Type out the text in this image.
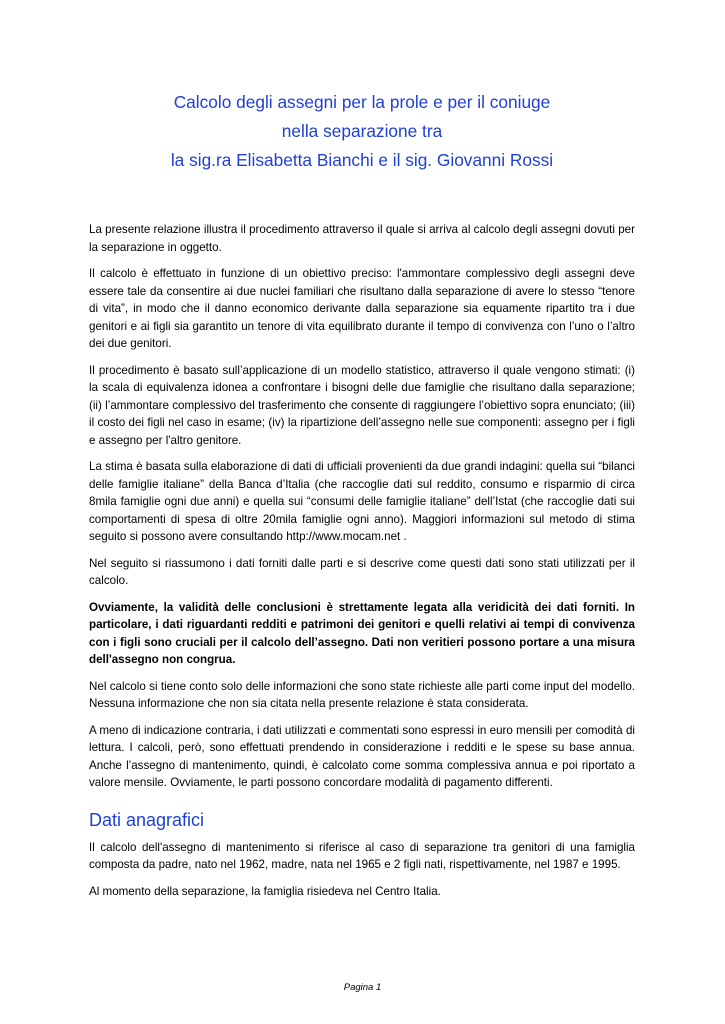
Calcolo degli assegni per la prole e per il coniuge
nella separazione tra
la sig.ra Elisabetta Bianchi e il sig. Giovanni Rossi

La presente relazione illustra il procedimento attraverso il quale si arriva al calcolo degli assegni dovuti per la separazione in oggetto.

Il calcolo è effettuato in funzione di un obiettivo preciso: l'ammontare complessivo degli assegni deve essere tale da consentire ai due nuclei familiari che risultano dalla separazione di avere lo stesso “tenore di vita”, in modo che il danno economico derivante dalla separazione sia equamente ripartito tra i due genitori e ai figli sia garantito un tenore di vita equilibrato durante il tempo di convivenza con l’uno o l’altro dei due genitori.

Il procedimento è basato sull’applicazione di un modello statistico, attraverso il quale vengono stimati: (i) la scala di equivalenza idonea a confrontare i bisogni delle due famiglie che risultano dalla separazione; (ii) l’ammontare complessivo del trasferimento che consente di raggiungere l’obiettivo sopra enunciato; (iii) il costo dei figli nel caso in esame; (iv) la ripartizione dell’assegno nelle sue componenti: assegno per i figli e assegno per l'altro genitore.

La stima è basata sulla elaborazione di dati di ufficiali provenienti da due grandi indagini: quella sui “bilanci delle famiglie italiane” della Banca d’Italia (che raccoglie dati sul reddito, consumo e risparmio di circa 8mila famiglie ogni due anni) e quella sui “consumi delle famiglie italiane” dell’Istat (che raccoglie dati sui comportamenti di spesa di oltre 20mila famiglie ogni anno). Maggiori informazioni sul metodo di stima seguito si possono avere consultando http://www.mocam.net .

Nel seguito si riassumono i dati forniti dalle parti e si descrive come questi dati sono stati utilizzati per il calcolo.

Ovviamente, la validità delle conclusioni è strettamente legata alla veridicità dei dati forniti. In particolare, i dati riguardanti redditi e patrimoni dei genitori e quelli relativi ai tempi di convivenza con i figli sono cruciali per il calcolo dell’assegno. Dati non veritieri possono portare a una misura dell'assegno non congrua.

Nel calcolo si tiene conto solo delle informazioni che sono state richieste alle parti come input del modello. Nessuna informazione che non sia citata nella presente relazione è stata considerata.

A meno di indicazione contraria, i dati utilizzati e commentati sono espressi in euro mensili per comodità di lettura. I calcoli, però, sono effettuati prendendo in considerazione i redditi e le spese su base annua. Anche l’assegno di mantenimento, quindi, è calcolato come somma complessiva annua e poi riportato a valore mensile. Ovviamente, le parti possono concordare modalità di pagamento differenti.

Dati anagrafici

Il calcolo dell'assegno di mantenimento si riferisce al caso di separazione tra genitori di una famiglia composta da padre, nato nel 1962, madre, nata nel 1965 e 2 figli nati, rispettivamente, nel 1987 e 1995.

Al momento della separazione, la famiglia risiedeva nel Centro Italia.

Pagina 1
